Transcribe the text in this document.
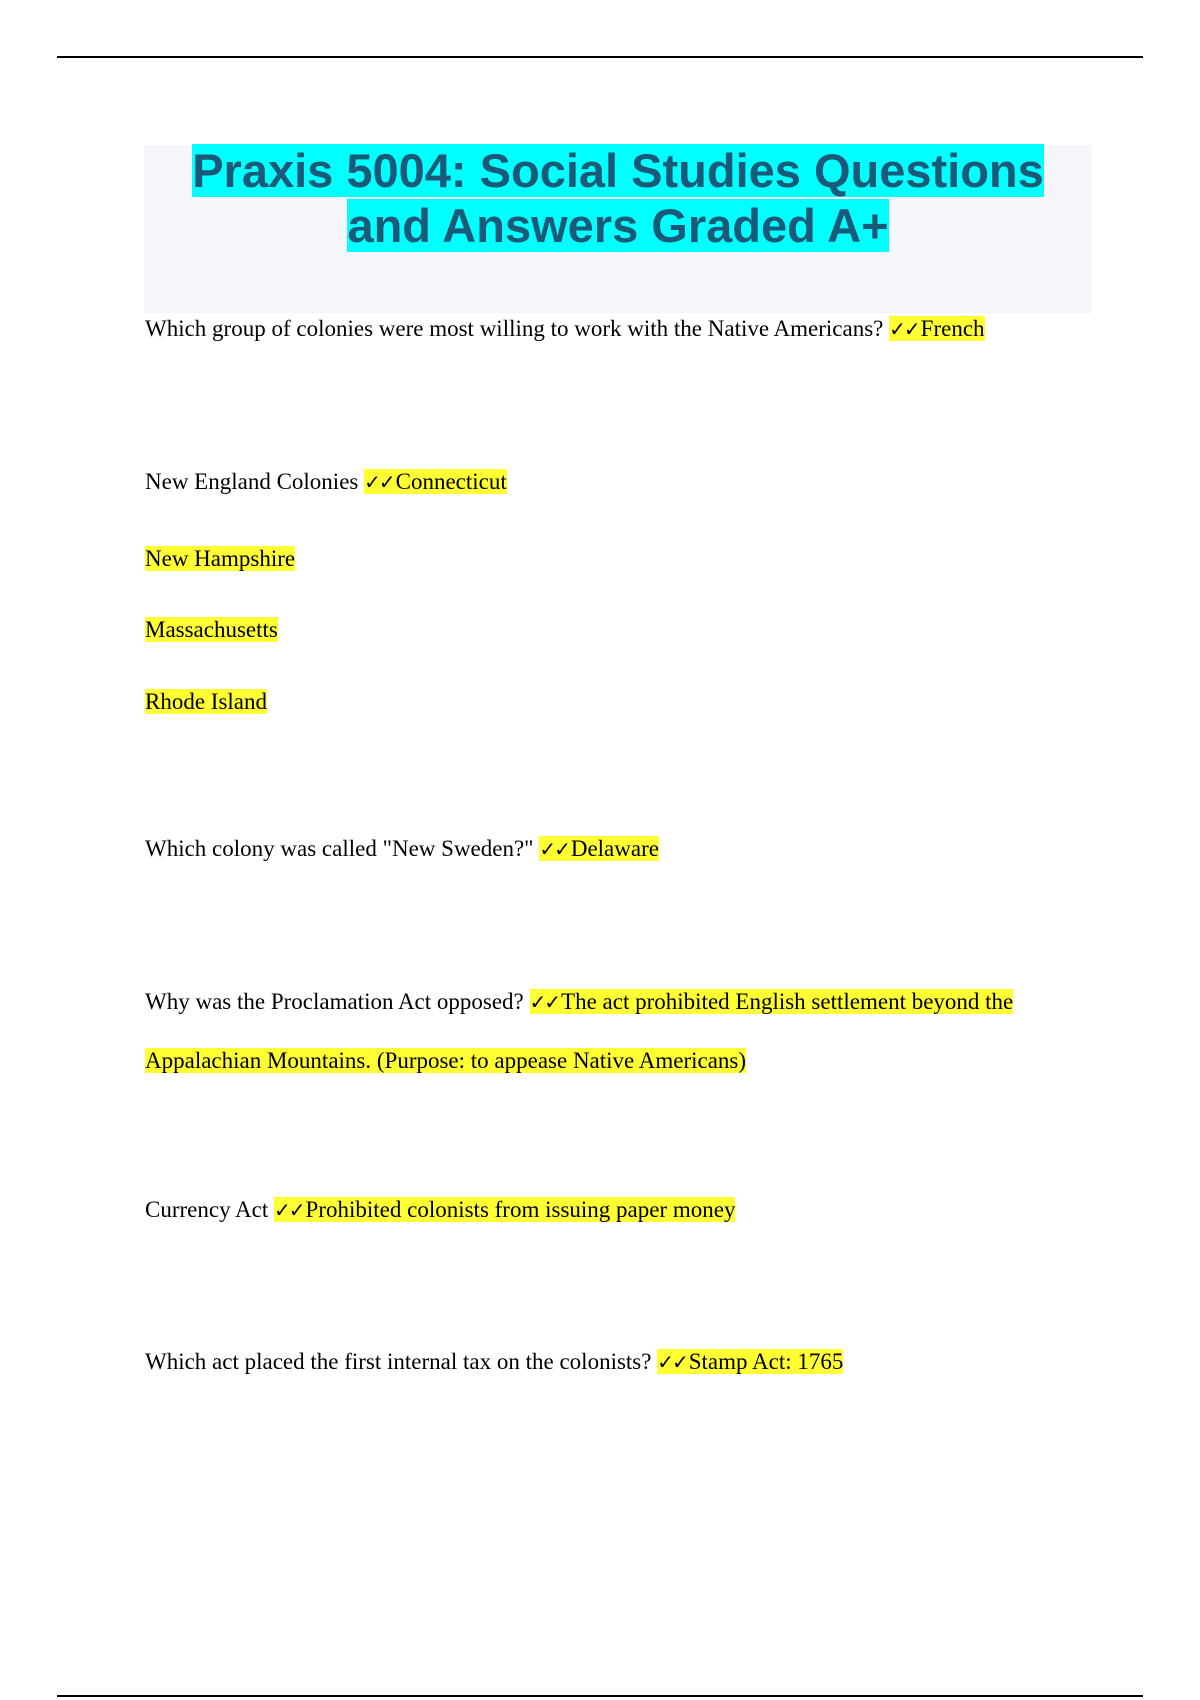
Praxis 5004: Social Studies Questions
and Answers Graded A+
Which group of colonies were most willing to work with the Native Americans? ✓✓French
New England Colonies ✓✓Connecticut
New Hampshire
Massachusetts
Rhode Island
Which colony was called "New Sweden?" ✓✓Delaware
Why was the Proclamation Act opposed? ✓✓The act prohibited English settlement beyond the
Appalachian Mountains. (Purpose: to appease Native Americans)
Currency Act ✓✓Prohibited colonists from issuing paper money
Which act placed the first internal tax on the colonists? ✓✓Stamp Act: 1765
